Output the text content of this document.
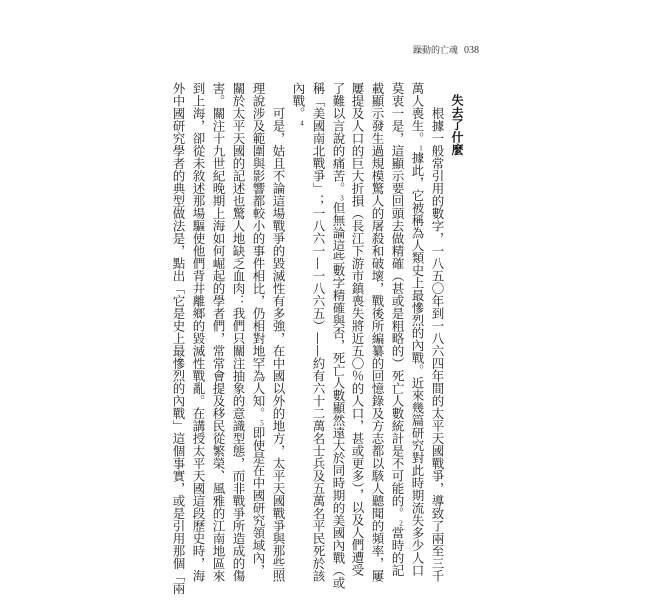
躁動的亡魂 038
失去了什麼
根據一般常引用的數字，一八五〇年到一八六四年間的太平天國戰爭，導致了兩至三千
萬人喪生。1據此，它被稱為人類史上最慘烈的內戰。近來幾篇研究對此時期流失多少人口
莫衷一是，這顯示要回頭去做精確（甚或是粗略的）死亡人數統計是不可能的。2當時的記
載顯示發生過規模驚人的屠殺和破壞，戰後所編纂的回憶錄及方志都以駭人聽聞的頻率，屢
屢提及人口的巨大折損（長江下游市鎮喪失將近五〇％的人口，甚或更多），以及人們遭受
了難以言說的痛苦。3但無論這些數字精確與否，死亡人數顯然遠大於同時期的美國內戰（或
稱「美國南北戰爭」；一八六一—一八六五）——約有六十二萬名士兵及五萬名平民死於該
內戰。4
可是，姑且不論這場戰爭的毀滅性有多強，在中國以外的地方，太平天國戰爭與那些照
理說涉及範圍與影響都較小的事件相比，仍相對地罕為人知。5即使是在中國研究領域內，
關於太平天國的記述也驚人地缺乏血肉：我們只關注抽象的意識型態，而非戰爭所造成的傷
害。關注十九世紀晚期上海如何崛起的學者們，常常會提及移民從繁榮、風雅的江南地區來
到上海，卻從未敘述那場驅使他們背井離鄉的毀滅性戰亂。在講授太平天國這段歷史時，海
外中國研究學者的典型做法是，點出「它是史上最慘烈的內戰」這個事實，或是引用那個「兩
